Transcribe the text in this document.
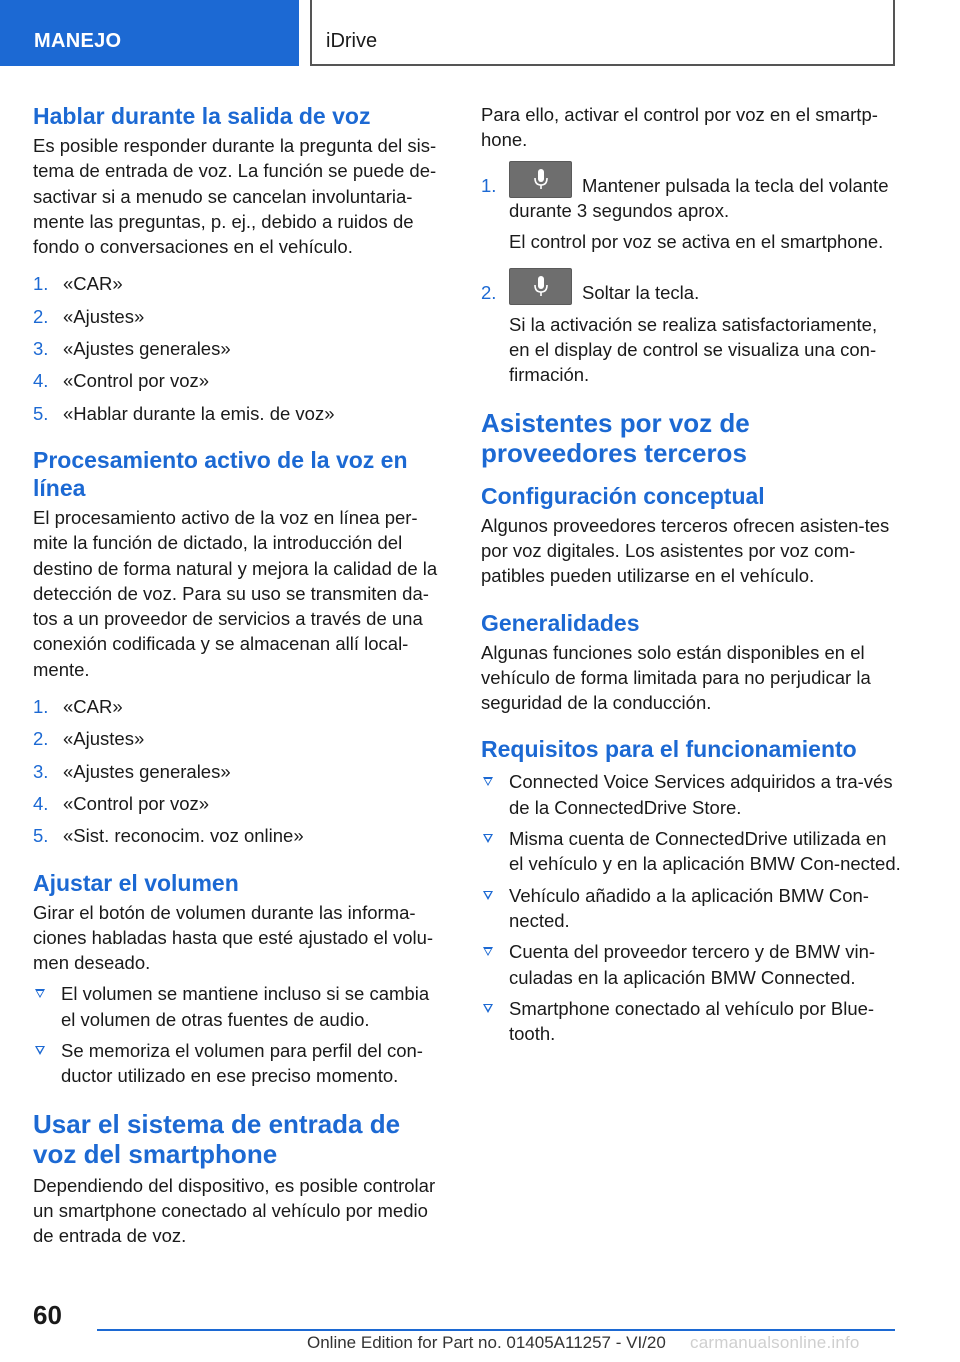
MANEJO	iDrive
Hablar durante la salida de voz
Es posible responder durante la pregunta del sis-tema de entrada de voz. La función se puede de-sactivar si a menudo se cancelan involuntaria-mente las preguntas, p. ej., debido a ruidos de fondo o conversaciones en el vehículo.
1. «CAR»
2. «Ajustes»
3. «Ajustes generales»
4. «Control por voz»
5. «Hablar durante la emis. de voz»
Procesamiento activo de la voz en línea
El procesamiento activo de la voz en línea per-mite la función de dictado, la introducción del destino de forma natural y mejora la calidad de la detección de voz. Para su uso se transmiten da-tos a un proveedor de servicios a través de una conexión codificada y se almacenan allí local-mente.
1. «CAR»
2. «Ajustes»
3. «Ajustes generales»
4. «Control por voz»
5. «Sist. reconocim. voz online»
Ajustar el volumen
Girar el botón de volumen durante las informa-ciones habladas hasta que esté ajustado el volu-men deseado.
El volumen se mantiene incluso si se cambia el volumen de otras fuentes de audio.
Se memoriza el volumen para perfil del con-ductor utilizado en ese preciso momento.
Usar el sistema de entrada de voz del smartphone
Dependiendo del dispositivo, es posible controlar un smartphone conectado al vehículo por medio de entrada de voz.
Para ello, activar el control por voz en el smartp-hone.
1.	Mantener pulsada la tecla del volante durante 3 segundos aprox.
El control por voz se activa en el smartphone.
2.	Soltar la tecla.
Si la activación se realiza satisfactoriamente, en el display de control se visualiza una con-firmación.
Asistentes por voz de proveedores terceros
Configuración conceptual
Algunos proveedores terceros ofrecen asisten-tes por voz digitales. Los asistentes por voz com-patibles pueden utilizarse en el vehículo.
Generalidades
Algunas funciones solo están disponibles en el vehículo de forma limitada para no perjudicar la seguridad de la conducción.
Requisitos para el funcionamiento
Connected Voice Services adquiridos a tra-vés de la ConnectedDrive Store.
Misma cuenta de ConnectedDrive utilizada en el vehículo y en la aplicación BMW Con-nected.
Vehículo añadido a la aplicación BMW Con-nected.
Cuenta del proveedor tercero y de BMW vin-culadas en la aplicación BMW Connected.
Smartphone conectado al vehículo por Blue-tooth.
60
Online Edition for Part no. 01405A11257 - VI/20 carmanualsonline.info
